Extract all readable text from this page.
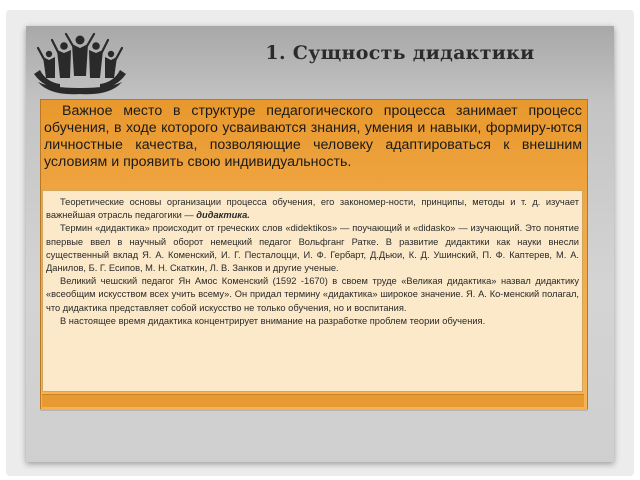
1. Сущность дидактики
Важное место в структуре педагогического процесса занимает процесс обучения, в ходе которого усваиваются знания, умения и навыки, формиру-ются личностные качества, позволяющие человеку адаптироваться к внешним условиям и проявить свою индивидуальность.

Теоретические основы организации процесса обучения, его закономер-ности, принципы, методы и т. д. изучает важнейшая отрасль педагогики — дидактика.

Термин «дидактика» происходит от греческих слов «didektikos» — поучающий и «didasko» — изучающий. Это понятие впервые ввел в научный оборот немецкий педагог Вольфганг Ратке. В развитие дидактики как науки внесли существенный вклад Я. А. Коменский, И. Г. Песталоцци, И. Ф. Гербарт, Д.Дьюи, К. Д. Ушинский, П. Ф. Каптерев, М. А. Данилов, Б. Г. Есипов, М. Н. Скаткин, Л. В. Занков и другие ученые.

Великий чешский педагог Ян Амос Коменский (1592 -1670) в своем труде «Великая дидактика» назвал дидактику «всеобщим искусством всех учить всему». Он придал термину «дидактика» широкое значение. Я. А. Ко-менский полагал, что дидактика представляет собой искусство не только обучения, но и воспитания.

В настоящее время дидактика концентрирует внимание на разработке проблем теории обучения.
